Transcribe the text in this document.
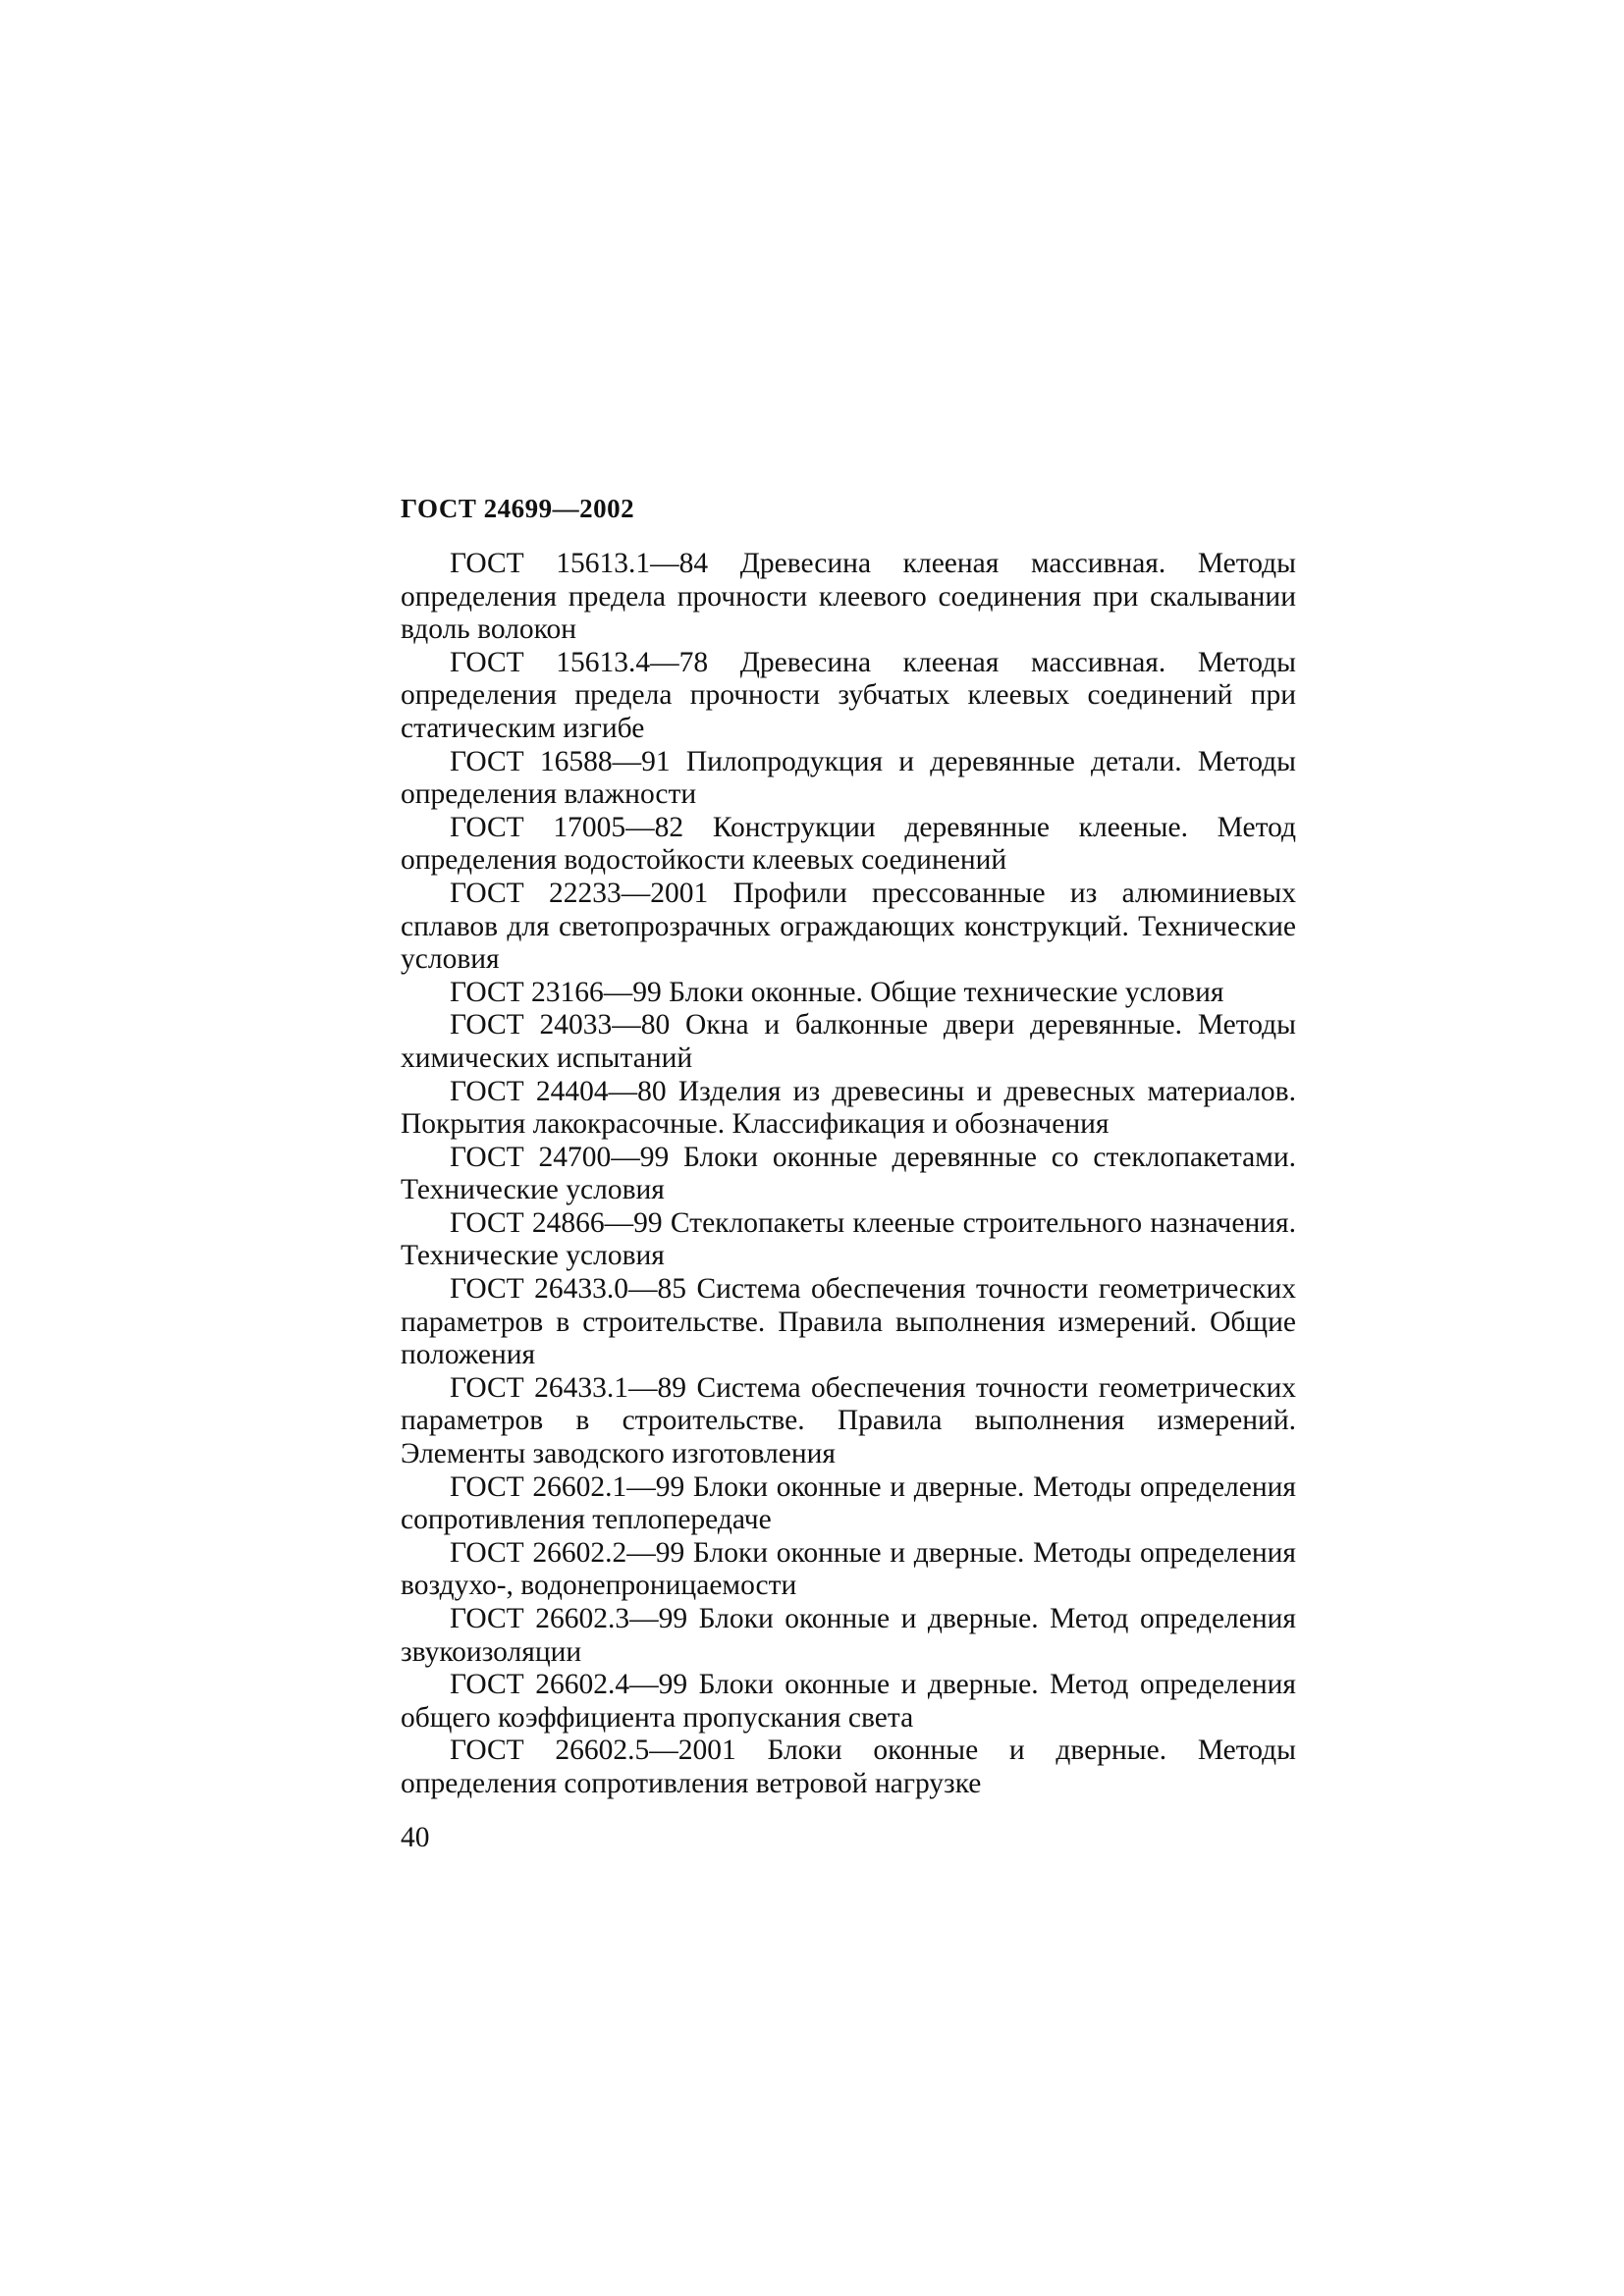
ГОСТ 24699—2002

ГОСТ 15613.1—84 Древесина клееная массивная. Методы определения предела прочности клеевого соединения при скалывании вдоль волокон

ГОСТ 15613.4—78 Древесина клееная массивная. Методы определения предела прочности зубчатых клеевых соединений при статическим изгибе

ГОСТ 16588—91 Пилопродукция и деревянные детали. Методы определения влажности

ГОСТ 17005—82 Конструкции деревянные клееные. Метод определения водостойкости клеевых соединений

ГОСТ 22233—2001 Профили прессованные из алюминиевых сплавов для светопрозрачных ограждающих конструкций. Технические условия

ГОСТ 23166—99 Блоки оконные. Общие технические условия

ГОСТ 24033—80 Окна и балконные двери деревянные. Методы химических испытаний

ГОСТ 24404—80 Изделия из древесины и древесных материалов. Покрытия лакокрасочные. Классификация и обозначения

ГОСТ 24700—99 Блоки оконные деревянные со стеклопакетами. Технические условия

ГОСТ 24866—99 Стеклопакеты клееные строительного назначения. Технические условия

ГОСТ 26433.0—85 Система обеспечения точности геометрических параметров в строительстве. Правила выполнения измерений. Общие положения

ГОСТ 26433.1—89 Система обеспечения точности геометрических параметров в строительстве. Правила выполнения измерений. Элементы заводского изготовления

ГОСТ 26602.1—99 Блоки оконные и дверные. Методы определения сопротивления теплопередаче

ГОСТ 26602.2—99 Блоки оконные и дверные. Методы определения воздухо-, водонепроницаемости

ГОСТ 26602.3—99 Блоки оконные и дверные. Метод определения звукоизоляции

ГОСТ 26602.4—99 Блоки оконные и дверные. Метод определения общего коэффициента пропускания света

ГОСТ 26602.5—2001 Блоки оконные и дверные. Методы определения сопротивления ветровой нагрузке

40
